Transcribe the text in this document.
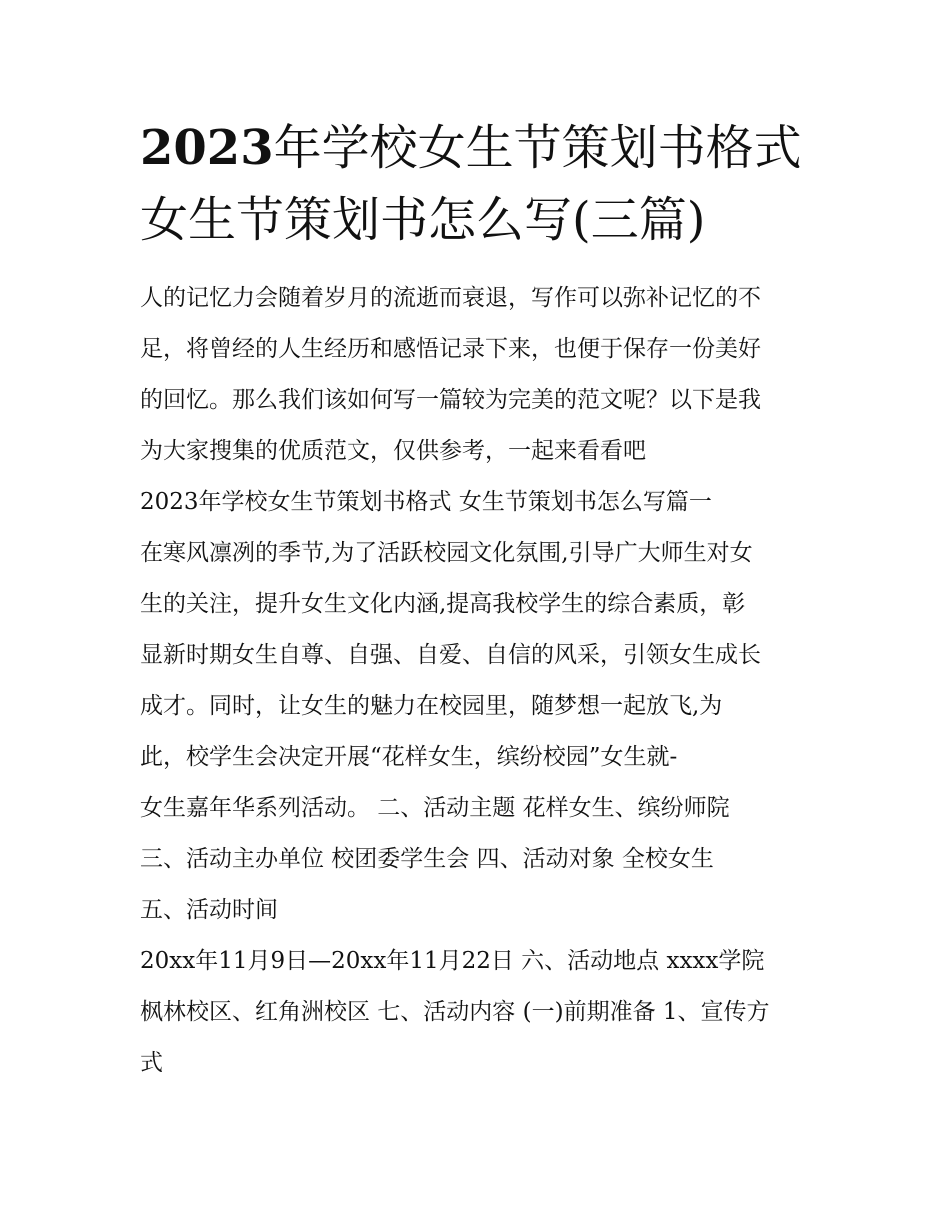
2023年学校女生节策划书格式
女生节策划书怎么写(三篇)
人的记忆力会随着岁月的流逝而衰退，写作可以弥补记忆的不
足，将曾经的人生经历和感悟记录下来，也便于保存一份美好
的回忆。那么我们该如何写一篇较为完美的范文呢？以下是我
为大家搜集的优质范文，仅供参考，一起来看看吧
2023年学校女生节策划书格式 女生节策划书怎么写篇一
在寒风凛冽的季节,为了活跃校园文化氛围,引导广大师生对女
生的关注，提升女生文化内涵,提高我校学生的综合素质，彰
显新时期女生自尊、自强、自爱、自信的风采，引领女生成长
成才。同时，让女生的魅力在校园里，随梦想一起放飞,为
此，校学生会决定开展“花样女生，缤纷校园”女生就-
女生嘉年华系列活动。 二、活动主题 花样女生、缤纷师院
三、活动主办单位 校团委学生会 四、活动对象 全校女生
五、活动时间
20xx年11月9日—20xx年11月22日 六、活动地点 xxxx学院
枫林校区、红角洲校区 七、活动内容 (一)前期准备 1、宣传方
式
